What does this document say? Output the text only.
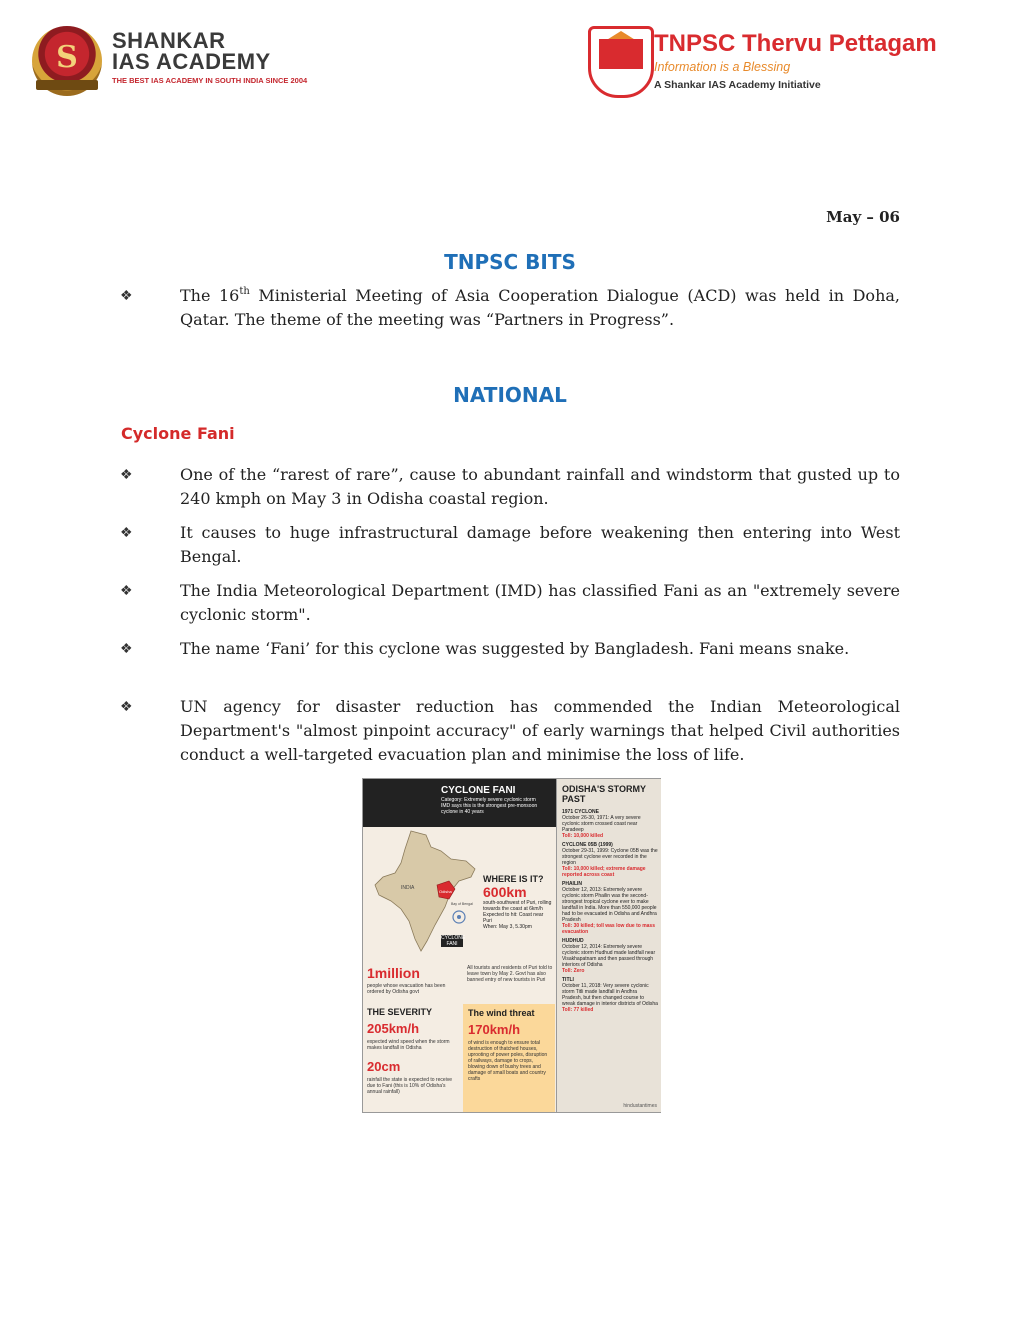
S	SHANKAR
IAS ACADEMY
THE BEST IAS ACADEMY IN SOUTH INDIA SINCE 2004
TNPSC Thervu Pettagam
Information is a Blessing
A Shankar IAS Academy Initiative
May – 06
TNPSC BITS
❖	The 16th Ministerial Meeting of Asia Cooperation Dialogue (ACD) was held in Doha, Qatar. The theme of the meeting was “Partners in Progress”.
NATIONAL
Cyclone Fani
❖	One of the “rarest of rare”, cause to abundant rainfall and windstorm that gusted up to 240 kmph on May 3 in Odisha coastal region.
❖	It causes to huge infrastructural damage before weakening then entering into West Bengal.
❖	The India Meteorological Department (IMD) has classified Fani as an "extremely severe cyclonic storm".
❖	The name ‘Fani’ for this cyclone was suggested by Bangladesh. Fani means snake.
❖	UN agency for disaster reduction has commended the Indian Meteorological Department's "almost pinpoint accuracy" of early warnings that helped Civil authorities conduct a well-targeted evacuation plan and minimise the loss of life.
CYCLONE FANI
Category: Extremely severe cyclonic storm
IMD says this is the strongest pre-monsoon cyclone in 40 years
INDIA
Odisha
Bay of Bengal
CYCLONE FANI
WHERE IS IT?
600km
south-southwest of Puri, rolling towards the coast at 6km/h
Expected to hit: Coast near Puri
When: May 3, 5.30pm
1million
people whose evacuation has been ordered by Odisha govt
All tourists and residents of Puri told to leave town by May 2. Govt has also banned entry of new tourists in Puri
THE SEVERITY
205km/h
expected wind speed when the storm makes landfall in Odisha
20cm
rainfall the state is expected to receive due to Fani (this is 10% of Odisha's annual rainfall)
The wind threat
170km/h
of wind is enough to ensure total destruction of thatched houses, uprooting of power poles, disruption of railways, damage to crops, blowing down of bushy trees and damage of small boats and country crafts
ODISHA'S STORMY PAST
1971 CYCLONE
October 26-30, 1971: A very severe cyclonic storm crossed coast near Paradeep
Toll: 10,000 killed
CYCLONE 05B (1999)
October 29-31, 1999: Cyclone 05B was the strongest cyclone ever recorded in the region
Toll: 10,000 killed; extreme damage reported across coast
PHAILIN
October 12, 2013: Extremely severe cyclonic storm Phailin was the second-strongest tropical cyclone ever to make landfall in India. More than 550,000 people had to be evacuated in Odisha and Andhra Pradesh
Toll: 30 killed; toll was low due to mass evacuation
HUDHUD
October 12, 2014: Extremely severe cyclonic storm Hudhud made landfall near Visakhapatnam and then passed through interiors of Odisha
Toll: Zero
TITLI
October 11, 2018: Very severe cyclonic storm Titli made landfall in Andhra Pradesh, but then changed course to wreak damage in interior districts of Odisha
Toll: 77 killed
hindustantimes
